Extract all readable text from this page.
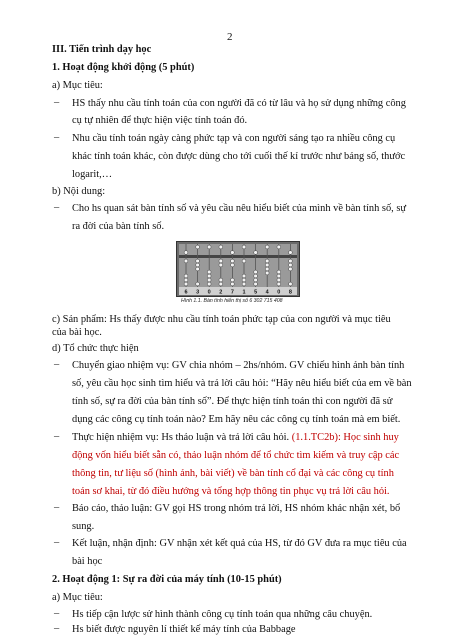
2
III. Tiến trình dạy học
1. Hoạt động khởi động (5 phút)
a) Mục tiêu:
– HS thấy nhu cầu tính toán của con người đã có từ lâu và họ sử dụng những công
cụ tự nhiên để thực hiện việc tính toán đó.
– Nhu cầu tính toán ngày càng phức tạp và con người sáng tạo ra nhiều công cụ
khác tính toán khác, còn được dùng cho tới cuối thế kỉ trước như bảng số, thước
logarit,…
b) Nội dung:
– Cho hs quan sát bàn tính số và yêu cầu nêu hiểu biết của mình về bàn tính số, sự
ra đời của bàn tính số.
6 3 0 2 7 1 5 4 0 8
Hình 1.1. Bàn tính hiển thị số 6 302 715 408
c) Sản phẩm: Hs thấy được nhu cầu tính toán phức tạp của con người và mục tiêu
của bài học.
d) Tổ chức thực hiện
– Chuyển giao nhiệm vụ: GV chia nhóm – 2hs/nhóm. GV chiếu hình ảnh bàn tính
số, yêu cầu học sinh tìm hiểu và trả lời câu hỏi: “Hãy nêu hiểu biết của em về bàn
tính số, sự ra đời của bàn tính số”. Để thực hiện tính toán thì con người đã sử
dụng các công cụ tính toán nào? Em hãy nêu các công cụ tính toán mà em biết.
– Thực hiện nhiệm vụ: Hs thảo luận và trả lời câu hỏi. (1.1.TC2b): Học sinh huy
động vốn hiểu biết sẵn có, thảo luận nhóm để tổ chức tìm kiếm và truy cập các
thông tin, tư liệu số (hình ảnh, bài viết) về bàn tính cổ đại và các công cụ tính
toán sơ khai, từ đó điều hướng và tổng hợp thông tin phục vụ trả lời câu hỏi.
– Báo cáo, thảo luận: GV gọi HS trong nhóm trả lời, HS nhóm khác nhận xét, bổ
sung.
– Kết luận, nhận định: GV nhận xét kết quả của HS, từ đó GV đưa ra mục tiêu của
bài học
2. Hoạt động 1: Sự ra đời của máy tính (10-15 phút)
a) Mục tiêu:
– Hs tiếp cận lược sử hình thành công cụ tính toán qua những câu chuyện.
– Hs biết được nguyên lí thiết kế máy tính của Babbage
